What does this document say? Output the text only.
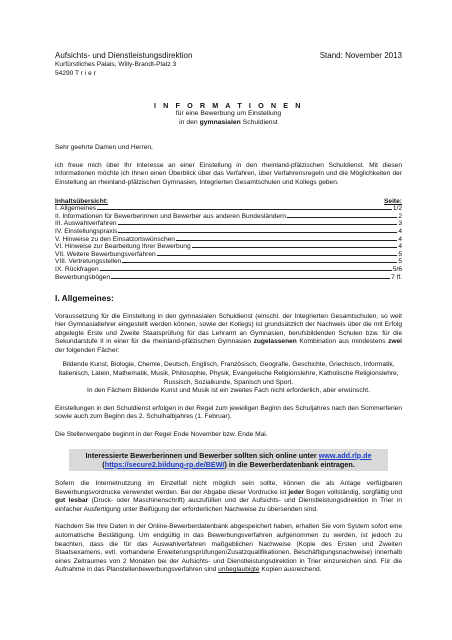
Aufsichts- und Dienstleistungsdirektion	Stand: November 2013
Kurfürstliches Palais, Willy-Brandt-Platz 3
54290 T r i e r
I N F O R M A T I O N E N
für eine Bewerbung um Einstellung
in den gymnasialen Schuldienst

Sehr geehrte Damen und Herren,

ich freue mich über Ihr Interesse an einer Einstellung in den rheinland-pfälzischen Schuldienst. Mit diesen Informationen möchte ich Ihnen einen Überblick über das Verfahren, über Verfahrensregeln und die Möglichkeiten der Einstellung an rheinland-pfälzischen Gymnasien, Integrierten Gesamtschulen und Kollegs geben.

Inhaltsübersicht:	Seite:
I. Allgemeines	1/2
II. Informationen für Bewerberinnen und Bewerber aus anderen Bundesländern	2
III. Auswahlverfahren	3
IV. Einstellungspraxis	4
V. Hinweise zu den Einsatzortswünschen	4
VI. Hinweise zur Bearbeitung Ihrer Bewerbung	4
VII. Weitere Bewerbungsverfahren	5
VIII. Vertretungsstellen	5
IX. Rückfragen	5/6
Bewerbungsbögen	7 ff.
I. Allgemeines:

Voraussetzung für die Einstellung in den gymnasialen Schuldienst (einschl. der Integrierten Gesamtschulen, so weit hier Gymnasiallehrer eingestellt werden können, sowie der Kollegs) ist grundsätzlich der Nachweis über die mit Erfolg abgelegte Erste und Zweite Staatsprüfung für das Lehramt an Gymnasien, berufsbildenden Schulen bzw. für die Sekundarstufe II in einer für die rheinland-pfälzischen Gymnasien zugelassenen Kombination aus mindestens zwei der folgenden Fächer:

Bildende Kunst, Biologie, Chemie, Deutsch, Englisch, Französisch, Geografie, Geschichte, Griechisch, Informatik, Italienisch, Latein, Mathematik, Musik, Philosophie, Physik, Evangelische Religionslehre, Katholische Religionslehre, Russisch, Sozialkunde, Spanisch und Sport.
In den Fächern Bildende Kunst und Musik ist ein zweites Fach nicht erforderlich, aber erwünscht.

Einstellungen in den Schuldienst erfolgen in der Regel zum jeweiligen Beginn des Schuljahres nach den Sommerferien sowie auch zum Beginn des 2. Schulhalbjahres (1. Februar).

Die Stellenvergabe beginnt in der Regel Ende November bzw. Ende Mai.

Interessierte Bewerberinnen und Bewerber sollten sich online unter www.add.rlp.de
(https://secure2.bildung-rp.de/BEW/) in die Bewerberdatenbank eintragen.

Sofern die Internetnutzung im Einzelfall nicht möglich sein sollte, können die als Anlage verfügbaren Bewerbungsvordrucke verwendet werden. Bei der Abgabe dieser Vordrucke ist jeder Bogen vollständig, sorgfältig und gut lesbar (Druck- oder Maschinenschrift) auszufüllen und der Aufsichts- und Dienstleistungsdirektion in Trier in einfacher Ausfertigung unter Beifügung der erforderlichen Nachweise zu übersenden sind.

Nachdem Sie Ihre Daten in der Online-Bewerberdatenbank abgespeichert haben, erhalten Sie vom System sofort eine automatische Bestätigung. Um endgültig in das Bewerbungsverfahren aufgenommen zu werden, ist jedoch zu beachten, dass die für das Auswahlverfahren maßgeblichen Nachweise (Kopie des Ersten und Zweiten Staatsexamens, evtl. vorhandene Erweiterungsprüfungen/Zusatzqualifikationen, Beschäftigungsnachweise) innerhalb eines Zeitraumes von 2 Monaten bei der Aufsichts- und Dienstleistungsdirektion in Trier einzureichen sind. Für die Aufnahme in das Planstellenbewerbungsverfahren sind unbeglaubigte Kopien ausreichend.
